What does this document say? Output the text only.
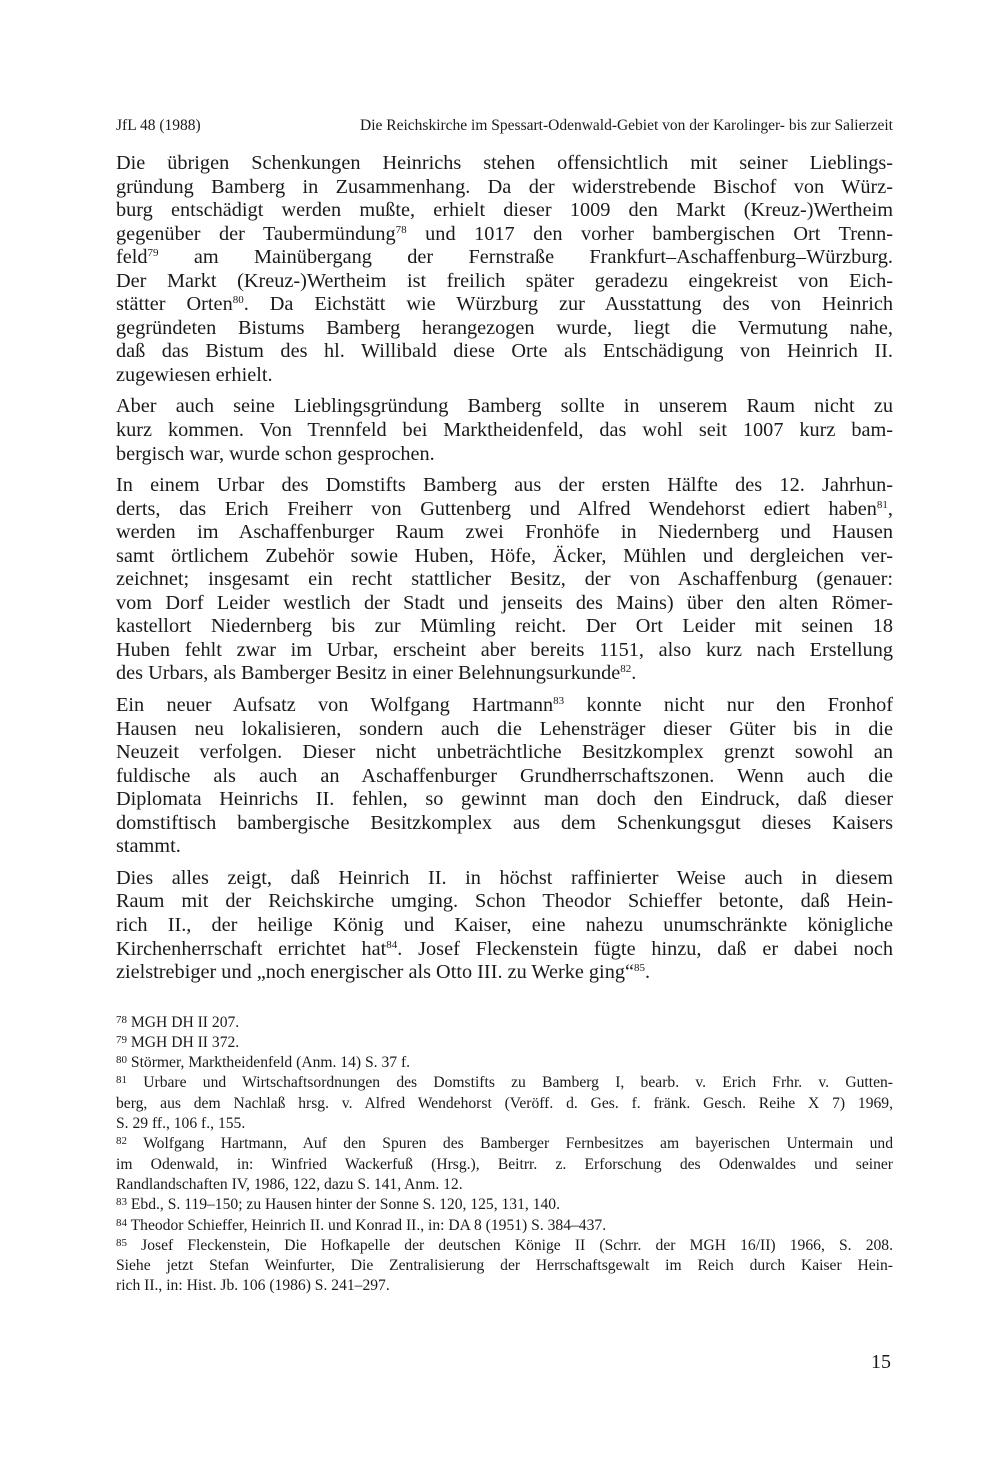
JfL 48 (1988)	Die Reichskirche im Spessart-Odenwald-Gebiet von der Karolinger- bis zur Salierzeit

Die übrigen Schenkungen Heinrichs stehen offensichtlich mit seiner Lieblings-
gründung Bamberg in Zusammenhang. Da der widerstrebende Bischof von Würz-
burg entschädigt werden mußte, erhielt dieser 1009 den Markt (Kreuz-)Wertheim
gegenüber der Taubermündung$^{78}$ und 1017 den vorher bambergischen Ort Trenn-
feld$^{79}$ am Mainübergang der Fernstraße Frankfurt–Aschaffenburg–Würzburg.
Der Markt (Kreuz-)Wertheim ist freilich später geradezu eingekreist von Eich-
stätter Orten$^{80}$. Da Eichstätt wie Würzburg zur Ausstattung des von Heinrich
gegründeten Bistums Bamberg herangezogen wurde, liegt die Vermutung nahe,
daß das Bistum des hl. Willibald diese Orte als Entschädigung von Heinrich II.
zugewiesen erhielt.

Aber auch seine Lieblingsgründung Bamberg sollte in unserem Raum nicht zu
kurz kommen. Von Trennfeld bei Marktheidenfeld, das wohl seit 1007 kurz bam-
bergisch war, wurde schon gesprochen.

In einem Urbar des Domstifts Bamberg aus der ersten Hälfte des 12. Jahrhun-
derts, das Erich Freiherr von Guttenberg und Alfred Wendehorst ediert haben$^{81}$,
werden im Aschaffenburger Raum zwei Fronhöfe in Niedernberg und Hausen
samt örtlichem Zubehör sowie Huben, Höfe, Äcker, Mühlen und dergleichen ver-
zeichnet; insgesamt ein recht stattlicher Besitz, der von Aschaffenburg (genauer:
vom Dorf Leider westlich der Stadt und jenseits des Mains) über den alten Römer-
kastellort Niedernberg bis zur Mümling reicht. Der Ort Leider mit seinen 18
Huben fehlt zwar im Urbar, erscheint aber bereits 1151, also kurz nach Erstellung
des Urbars, als Bamberger Besitz in einer Belehnungsurkunde$^{82}$.

Ein neuer Aufsatz von Wolfgang Hartmann$^{83}$ konnte nicht nur den Fronhof
Hausen neu lokalisieren, sondern auch die Lehensträger dieser Güter bis in die
Neuzeit verfolgen. Dieser nicht unbeträchtliche Besitzkomplex grenzt sowohl an
fuldische als auch an Aschaffenburger Grundherrschaftszonen. Wenn auch die
Diplomata Heinrichs II. fehlen, so gewinnt man doch den Eindruck, daß dieser
domstiftisch bambergische Besitzkomplex aus dem Schenkungsgut dieses Kaisers
stammt.

Dies alles zeigt, daß Heinrich II. in höchst raffinierter Weise auch in diesem
Raum mit der Reichskirche umging. Schon Theodor Schieffer betonte, daß Hein-
rich II., der heilige König und Kaiser, eine nahezu unumschränkte königliche
Kirchenherrschaft errichtet hat$^{84}$. Josef Fleckenstein fügte hinzu, daß er dabei noch
zielstrebiger und „noch energischer als Otto III. zu Werke ging“$^{85}$.

$^{78}$ MGH DH II 207.
$^{79}$ MGH DH II 372.
$^{80}$ Störmer, Marktheidenfeld (Anm. 14) S. 37 f.
$^{81}$ Urbare und Wirtschaftsordnungen des Domstifts zu Bamberg I, bearb. v. Erich Frhr. v. Gutten-
berg, aus dem Nachlaß hrsg. v. Alfred Wendehorst (Veröff. d. Ges. f. fränk. Gesch. Reihe X 7) 1969,
S. 29 ff., 106 f., 155.
$^{82}$ Wolfgang Hartmann, Auf den Spuren des Bamberger Fernbesitzes am bayerischen Untermain und
im Odenwald, in: Winfried Wackerfuß (Hrsg.), Beitrr. z. Erforschung des Odenwaldes und seiner
Randlandschaften IV, 1986, 122, dazu S. 141, Anm. 12.
$^{83}$ Ebd., S. 119–150; zu Hausen hinter der Sonne S. 120, 125, 131, 140.
$^{84}$ Theodor Schieffer, Heinrich II. und Konrad II., in: DA 8 (1951) S. 384–437.
$^{85}$ Josef Fleckenstein, Die Hofkapelle der deutschen Könige II (Schrr. der MGH 16/II) 1966, S. 208.
Siehe jetzt Stefan Weinfurter, Die Zentralisierung der Herrschaftsgewalt im Reich durch Kaiser Hein-
rich II., in: Hist. Jb. 106 (1986) S. 241–297.
15
